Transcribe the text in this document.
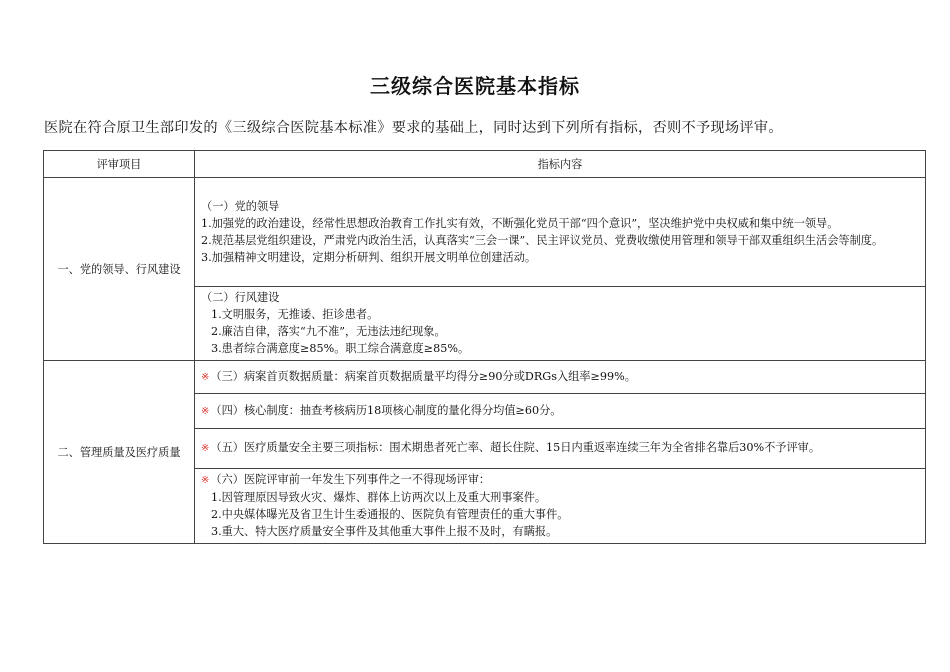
三级综合医院基本指标
医院在符合原卫生部印发的《三级综合医院基本标准》要求的基础上，同时达到下列所有指标，否则不予现场评审。
评审项目	指标内容
一、党的领导、行风建设	（一）党的领导
1.加强党的政治建设，经常性思想政治教育工作扎实有效，不断强化党员干部“四个意识”，坚决维护党中央权威和集中统一领导。
2.规范基层党组织建设，严肃党内政治生活，认真落实“三会一课”、民主评议党员、党费收缴使用管理和领导干部双重组织生活会等制度。
3.加强精神文明建设，定期分析研判、组织开展文明单位创建活动。

	（二）行风建设
1.文明服务，无推诿、拒诊患者。
2.廉洁自律，落实“九不准”，无违法违纪现象。
3.患者综合满意度≥85%。职工综合满意度≥85%。

二、管理质量及医疗质量	※（三）病案首页数据质量：病案首页数据质量平均得分≥90分或DRGs入组率≥99%。
	※（四）核心制度：抽查考核病历18项核心制度的量化得分均值≥60分。
	※（五）医疗质量安全主要三项指标：围术期患者死亡率、超长住院、15日内重返率连续三年为全省排名靠后30%不予评审。

	※（六）医院评审前一年发生下列事件之一不得现场评审：
1.因管理原因导致火灾、爆炸、群体上访两次以上及重大刑事案件。
2.中央媒体曝光及省卫生计生委通报的、医院负有管理责任的重大事件。
3.重大、特大医疗质量安全事件及其他重大事件上报不及时，有瞒报。
